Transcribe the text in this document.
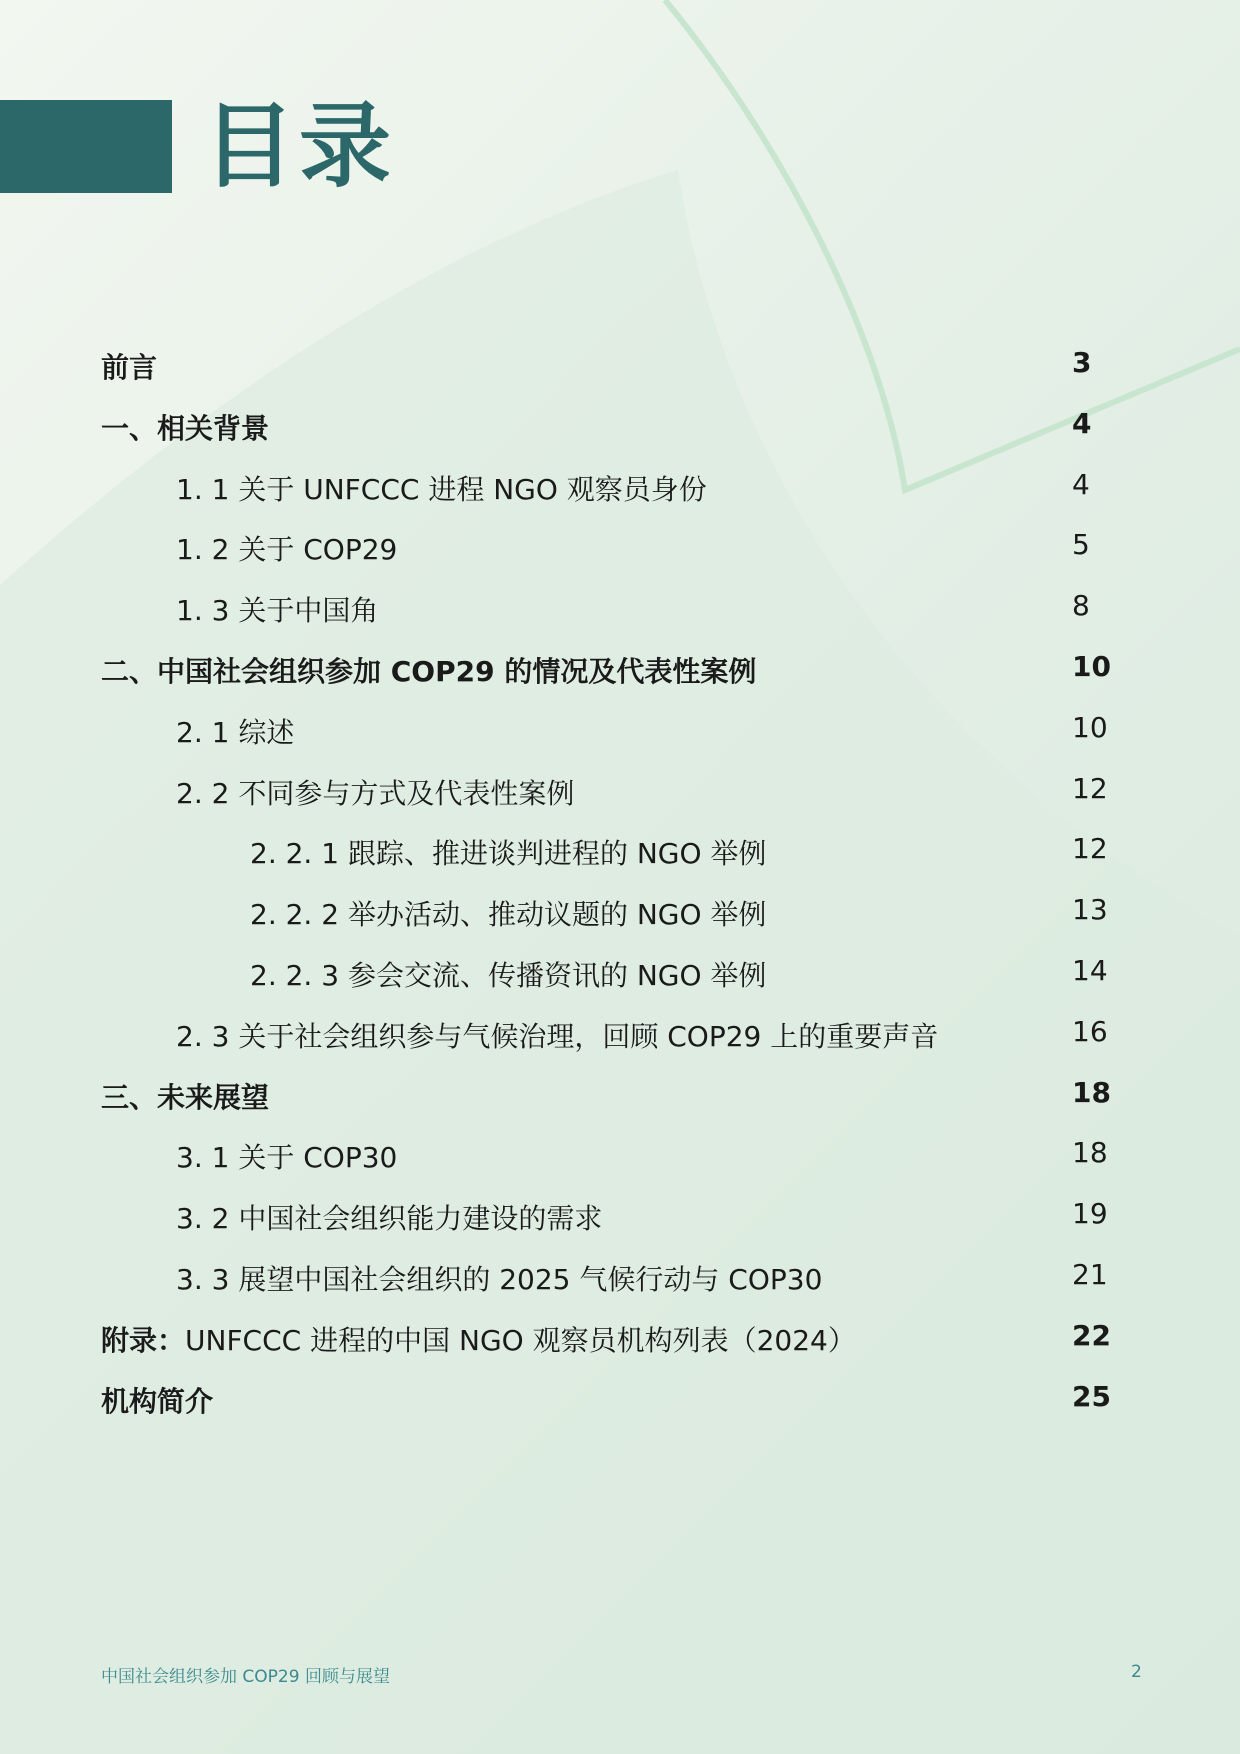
目录
前言	3
一、相关背景	4
1. 1 关于 UNFCCC 进程 NGO 观察员身份	4
1. 2 关于 COP29	5
1. 3 关于中国角	8
二、中国社会组织参加 COP29 的情况及代表性案例	10
2. 1 综述	10
2. 2 不同参与方式及代表性案例	12
2. 2. 1 跟踪、推进谈判进程的 NGO 举例	12
2. 2. 2 举办活动、推动议题的 NGO 举例	13
2. 2. 3 参会交流、传播资讯的 NGO 举例	14
2. 3 关于社会组织参与气候治理，回顾 COP29 上的重要声音	16
三、未来展望	18
3. 1 关于 COP30	18
3. 2 中国社会组织能力建设的需求	19
3. 3 展望中国社会组织的 2025 气候行动与 COP30	21
附录：UNFCCC 进程的中国 NGO 观察员机构列表（2024）	22
机构简介	25
中国社会组织参加 COP29 回顾与展望	2
